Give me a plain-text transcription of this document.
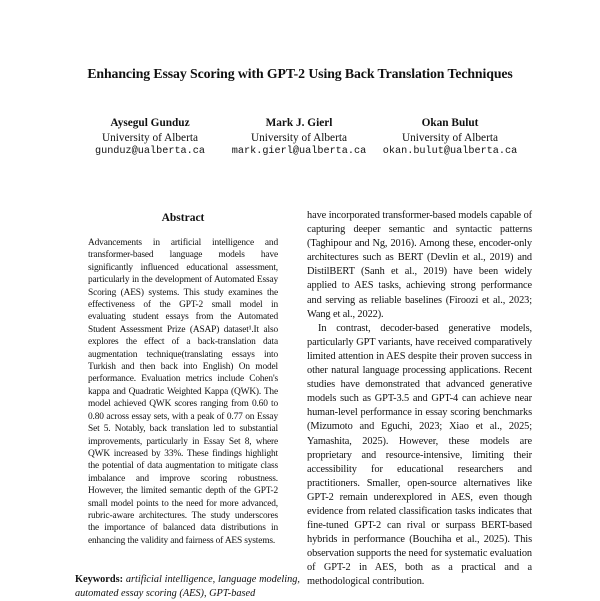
Enhancing Essay Scoring with GPT-2 Using Back Translation Techniques
Aysegul Gunduz
University of Alberta
gunduz@ualberta.ca
Mark J. Gierl
University of Alberta
mark.gierl@ualberta.ca
Okan Bulut
University of Alberta
okan.bulut@ualberta.ca
Abstract
Advancements in artificial intelligence and transformer-based language models have significantly influenced educational assessment, particularly in the development of Automated Essay Scoring (AES) systems. This study examines the effectiveness of the GPT-2 small model in evaluating student essays from the Automated Student Assessment Prize (ASAP) dataset¹.It also explores the effect of a back-translation data augmentation technique(translating essays into Turkish and then back into English) On model performance. Evaluation metrics include Cohen's kappa and Quadratic Weighted Kappa (QWK). The model achieved QWK scores ranging from 0.60 to 0.80 across essay sets, with a peak of 0.77 on Essay Set 5. Notably, back translation led to substantial improvements, particularly in Essay Set 8, where QWK increased by 33%. These findings highlight the potential of data augmentation to mitigate class imbalance and improve scoring robustness. However, the limited semantic depth of the GPT-2 small model points to the need for more advanced, rubric-aware architectures. The study underscores the importance of balanced data distributions in enhancing the validity and fairness of AES systems.
Keywords: artificial intelligence, language modeling, automated essay scoring (AES), GPT-based

have incorporated transformer-based models capable of capturing deeper semantic and syntactic patterns (Taghipour and Ng, 2016). Among these, encoder-only architectures such as BERT (Devlin et al., 2019) and DistilBERT (Sanh et al., 2019) have been widely applied to AES tasks, achieving strong performance and serving as reliable baselines (Firoozi et al., 2023; Wang et al., 2022).

In contrast, decoder-based generative models, particularly GPT variants, have received comparatively limited attention in AES despite their proven success in other natural language processing applications. Recent studies have demonstrated that advanced generative models such as GPT-3.5 and GPT-4 can achieve near human-level performance in essay scoring benchmarks (Mizumoto and Eguchi, 2023; Xiao et al., 2025; Yamashita, 2025). However, these models are proprietary and resource-intensive, limiting their accessibility for educational researchers and practitioners. Smaller, open-source alternatives like GPT-2 remain underexplored in AES, even though evidence from related classification tasks indicates that fine-tuned GPT-2 can rival or surpass BERT-based hybrids in performance (Bouchiha et al., 2025). This observation supports the need for systematic evaluation of GPT-2 in AES, both as a practical and a methodological contribution.
